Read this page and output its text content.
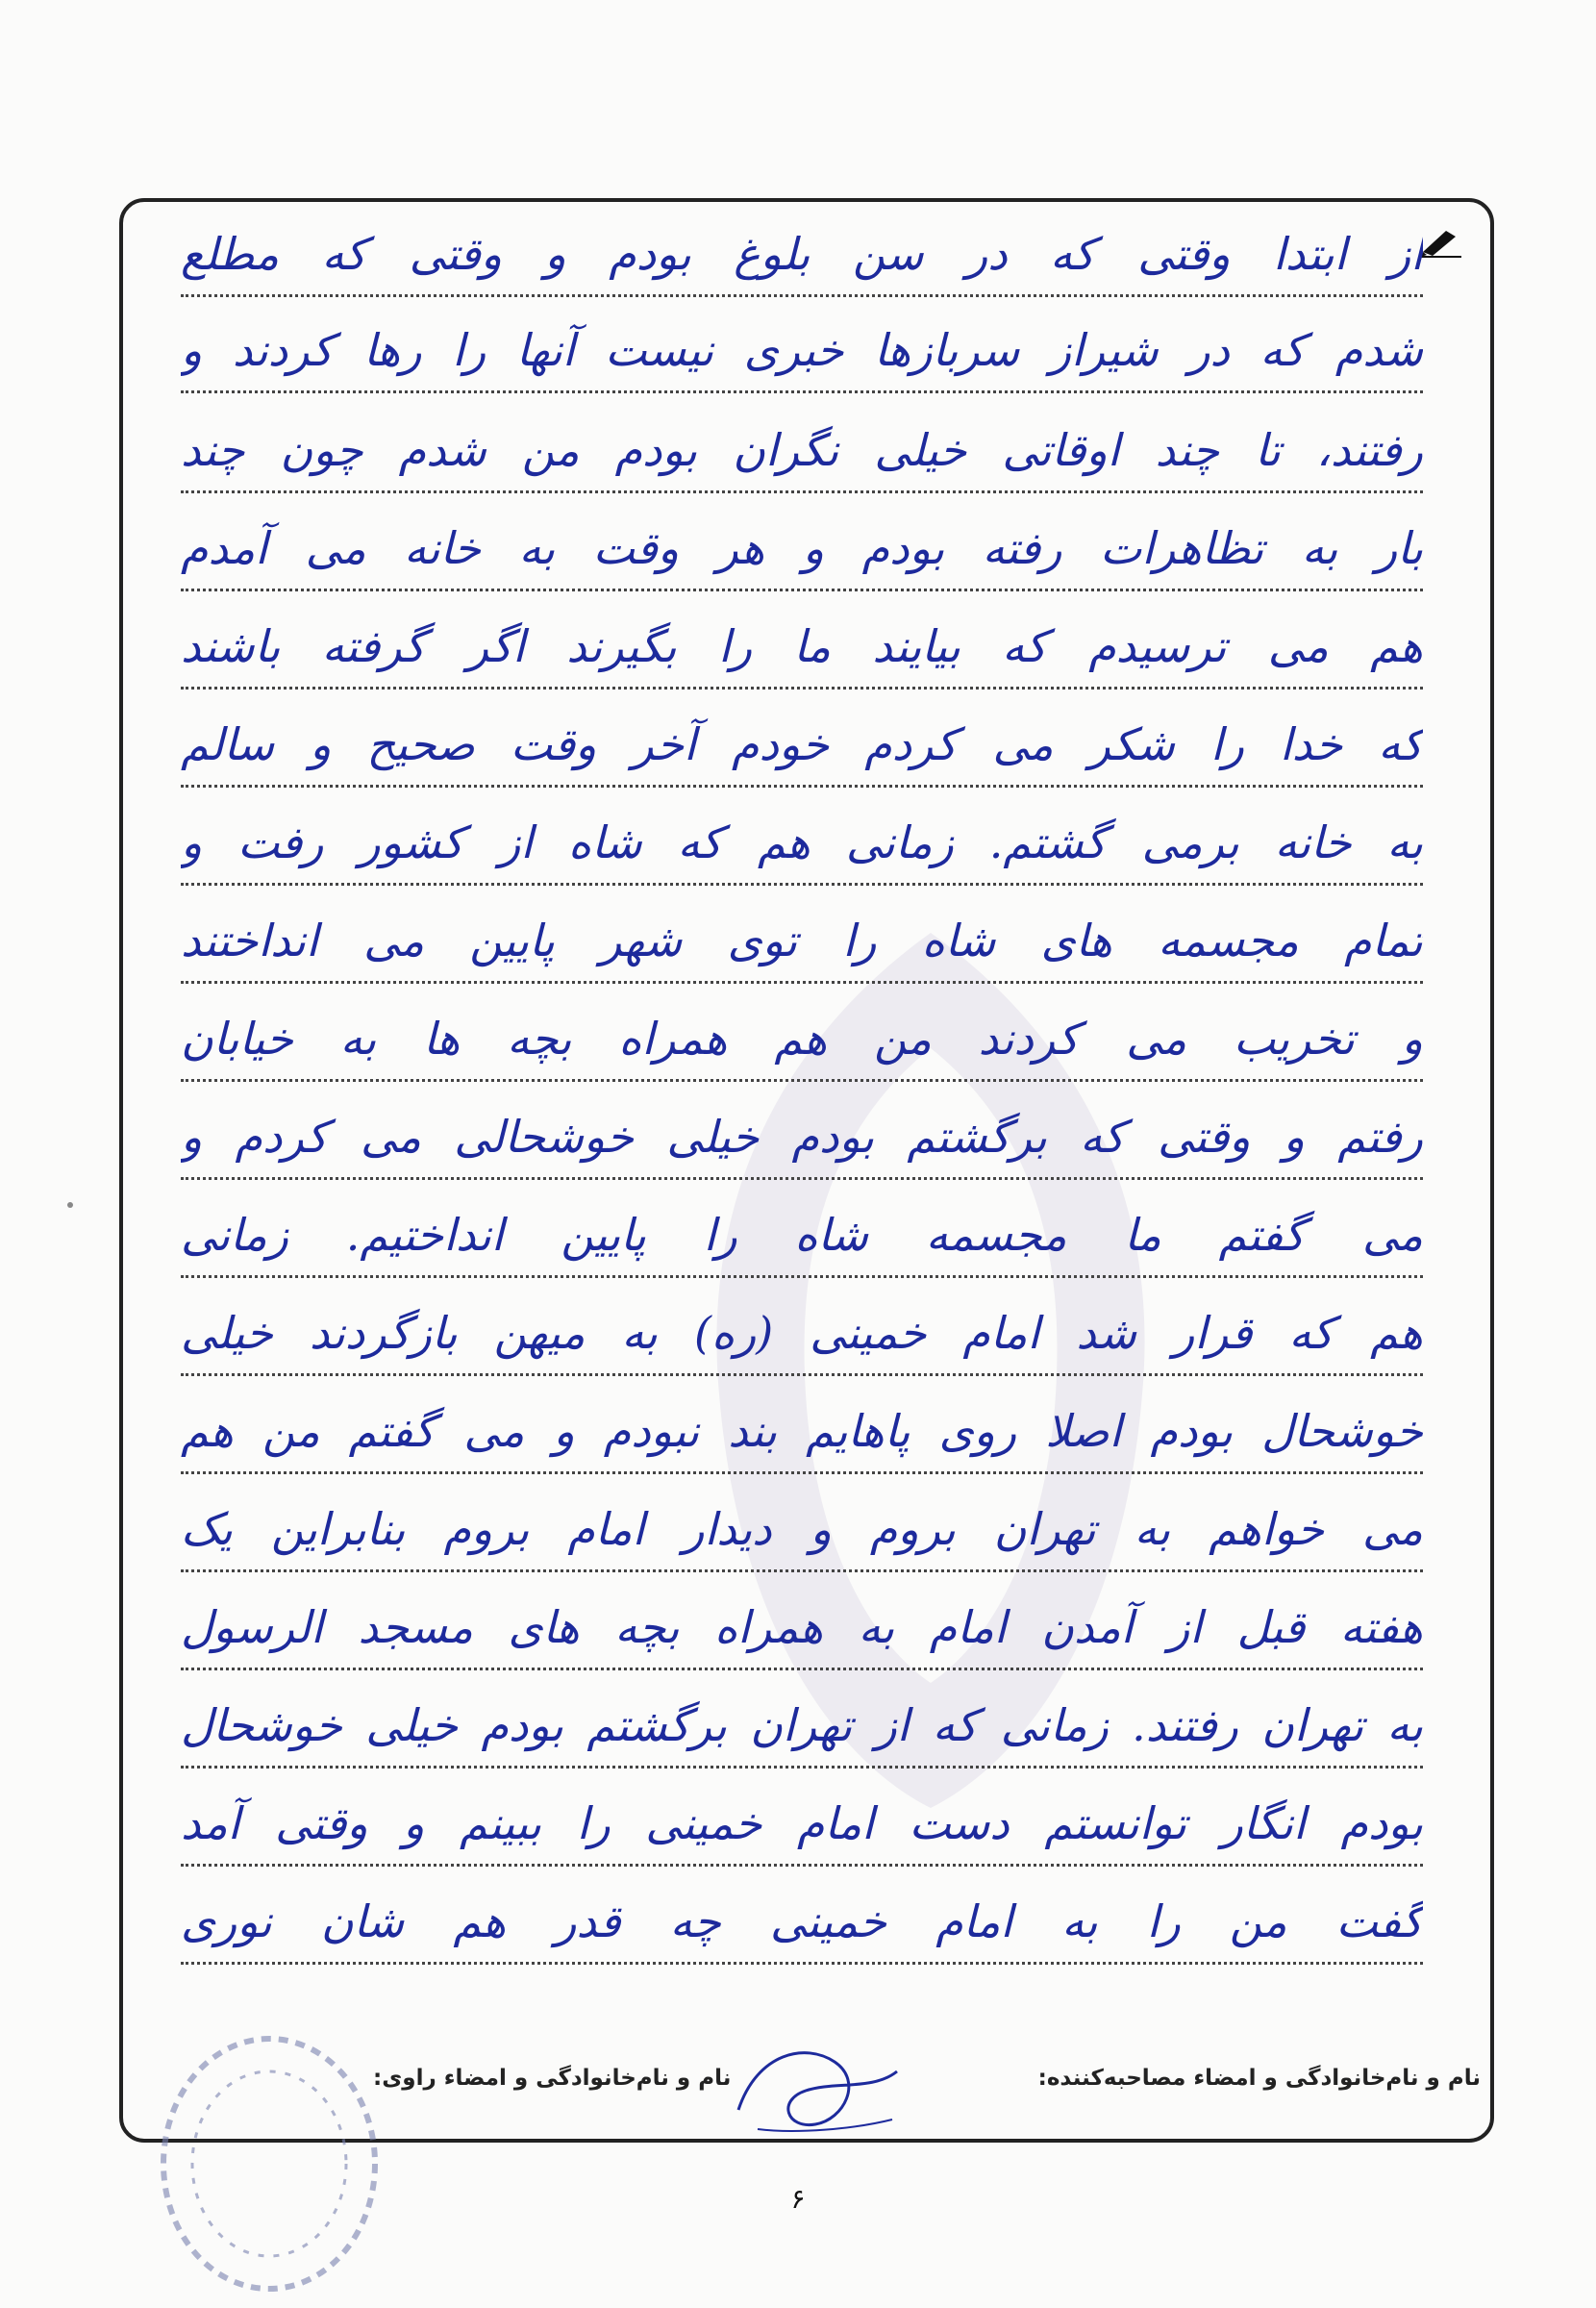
از ابتدا وقتی که در سن بلوغ بودم و وقتی که مطلع
شدم که در شیراز سربازها خبری نیست آنها را رها کردند و
رفتند، تا چند اوقاتی خیلی نگران بودم من شدم چون چند
بار به تظاهرات رفته بودم و هر وقت به خانه می آمدم
هم می ترسیدم که بیایند ما را بگیرند اگر گرفته باشند
که خدا را شکر می کردم خودم آخر وقت صحیح و سالم
به خانه برمی گشتم. زمانی هم که شاه از کشور رفت و
تمام مجسمه های شاه را توی شهر پایین می انداختند
و تخریب می کردند من هم همراه بچه ها به خیابان
رفتم و وقتی که برگشتم بودم خیلی خوشحالی می کردم و
می گفتم ما مجسمه شاه را پایین انداختیم. زمانی
هم که قرار شد امام خمینی (ره) به میهن بازگردند خیلی
خوشحال بودم اصلا روی پاهایم بند نبودم و می گفتم من هم
می خواهم به تهران بروم و دیدار امام بروم بنابراین یک
هفته قبل از آمدن امام به همراه بچه های مسجد الرسول
به تهران رفتند. زمانی که از تهران برگشتم بودم خیلی خوشحال
بودم انگار توانستم دست امام خمینی را ببینم و وقتی آمد
گفت من را به امام خمینی چه قدر هم شان نوری
نام و نام‌خانوادگی و امضاء مصاحبه‌کننده:
نام و نام‌خانوادگی و امضاء راوی:
۶
